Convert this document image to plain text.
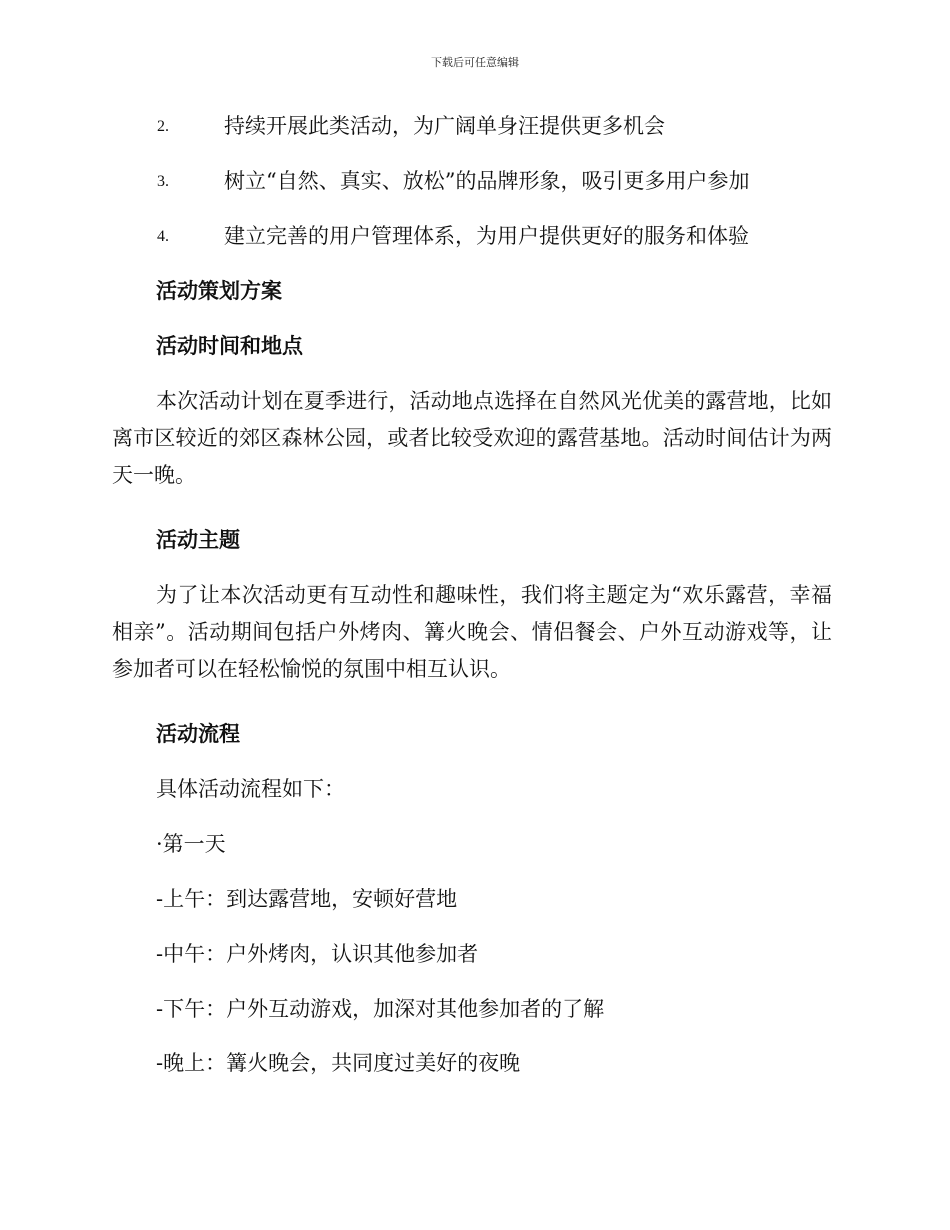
下载后可任意编辑
2.	持续开展此类活动，为广阔单身汪提供更多机会
3.	树立“自然、真实、放松”的品牌形象，吸引更多用户参加
4.	建立完善的用户管理体系，为用户提供更好的服务和体验
活动策划方案
活动时间和地点
本次活动计划在夏季进行，活动地点选择在自然风光优美的露营地，比如离市区较近的郊区森林公园，或者比较受欢迎的露营基地。活动时间估计为两天一晚。
活动主题
为了让本次活动更有互动性和趣味性，我们将主题定为“欢乐露营，幸福相亲”。活动期间包括户外烤肉、篝火晚会、情侣餐会、户外互动游戏等，让参加者可以在轻松愉悦的氛围中相互认识。
活动流程
具体活动流程如下：
·第一天
-上午：到达露营地，安顿好营地
-中午：户外烤肉，认识其他参加者
-下午：户外互动游戏，加深对其他参加者的了解
-晚上：篝火晚会，共同度过美好的夜晚
